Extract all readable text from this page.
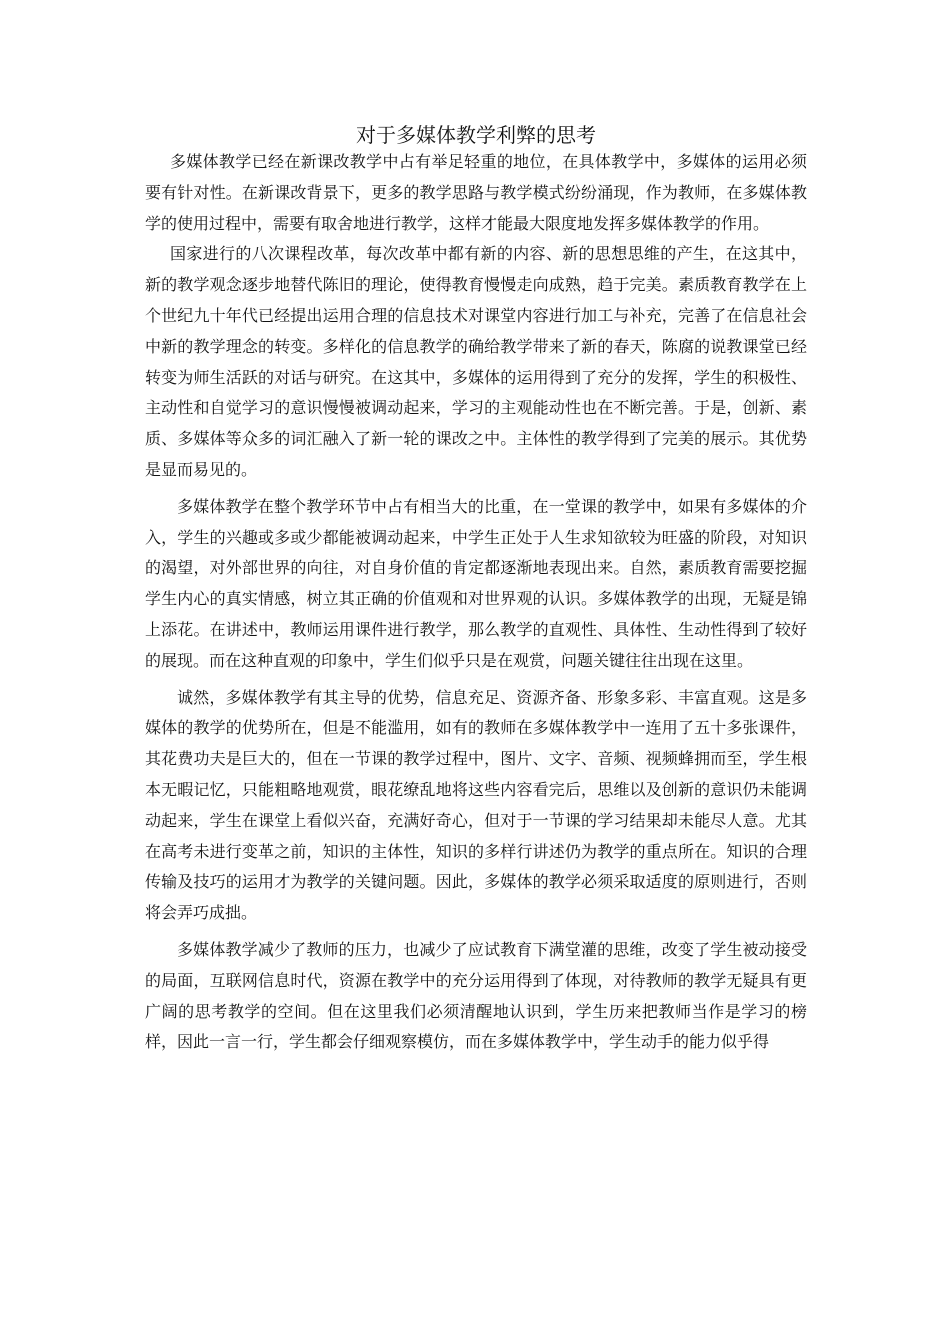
对于多媒体教学利弊的思考

多媒体教学已经在新课改教学中占有举足轻重的地位，在具体教学中，多媒体的运用必须要有针对性。在新课改背景下，更多的教学思路与教学模式纷纷涌现，作为教师，在多媒体教学的使用过程中，需要有取舍地进行教学，这样才能最大限度地发挥多媒体教学的作用。

国家进行的八次课程改革，每次改革中都有新的内容、新的思想思维的产生，在这其中，新的教学观念逐步地替代陈旧的理论，使得教育慢慢走向成熟，趋于完美。素质教育教学在上个世纪九十年代已经提出运用合理的信息技术对课堂内容进行加工与补充，完善了在信息社会中新的教学理念的转变。多样化的信息教学的确给教学带来了新的春天，陈腐的说教课堂已经转变为师生活跃的对话与研究。在这其中，多媒体的运用得到了充分的发挥，学生的积极性、主动性和自觉学习的意识慢慢被调动起来，学习的主观能动性也在不断完善。于是，创新、素质、多媒体等众多的词汇融入了新一轮的课改之中。主体性的教学得到了完美的展示。其优势是显而易见的。

多媒体教学在整个教学环节中占有相当大的比重，在一堂课的教学中，如果有多媒体的介入，学生的兴趣或多或少都能被调动起来，中学生正处于人生求知欲较为旺盛的阶段，对知识的渴望，对外部世界的向往，对自身价值的肯定都逐渐地表现出来。自然，素质教育需要挖掘学生内心的真实情感，树立其正确的价值观和对世界观的认识。多媒体教学的出现，无疑是锦上添花。在讲述中，教师运用课件进行教学，那么教学的直观性、具体性、生动性得到了较好的展现。而在这种直观的印象中，学生们似乎只是在观赏，问题关键往往出现在这里。

诚然，多媒体教学有其主导的优势，信息充足、资源齐备、形象多彩、丰富直观。这是多媒体的教学的优势所在，但是不能滥用，如有的教师在多媒体教学中一连用了五十多张课件，其花费功夫是巨大的，但在一节课的教学过程中，图片、文字、音频、视频蜂拥而至，学生根本无暇记忆，只能粗略地观赏，眼花缭乱地将这些内容看完后，思维以及创新的意识仍未能调动起来，学生在课堂上看似兴奋，充满好奇心，但对于一节课的学习结果却未能尽人意。尤其在高考未进行变革之前，知识的主体性，知识的多样行讲述仍为教学的重点所在。知识的合理传输及技巧的运用才为教学的关键问题。因此，多媒体的教学必须采取适度的原则进行，否则将会弄巧成拙。

多媒体教学减少了教师的压力，也减少了应试教育下满堂灌的思维，改变了学生被动接受的局面，互联网信息时代，资源在教学中的充分运用得到了体现，对待教师的教学无疑具有更广阔的思考教学的空间。但在这里我们必须清醒地认识到，学生历来把教师当作是学习的榜样，因此一言一行，学生都会仔细观察模仿，而在多媒体教学中，学生动手的能力似乎得
